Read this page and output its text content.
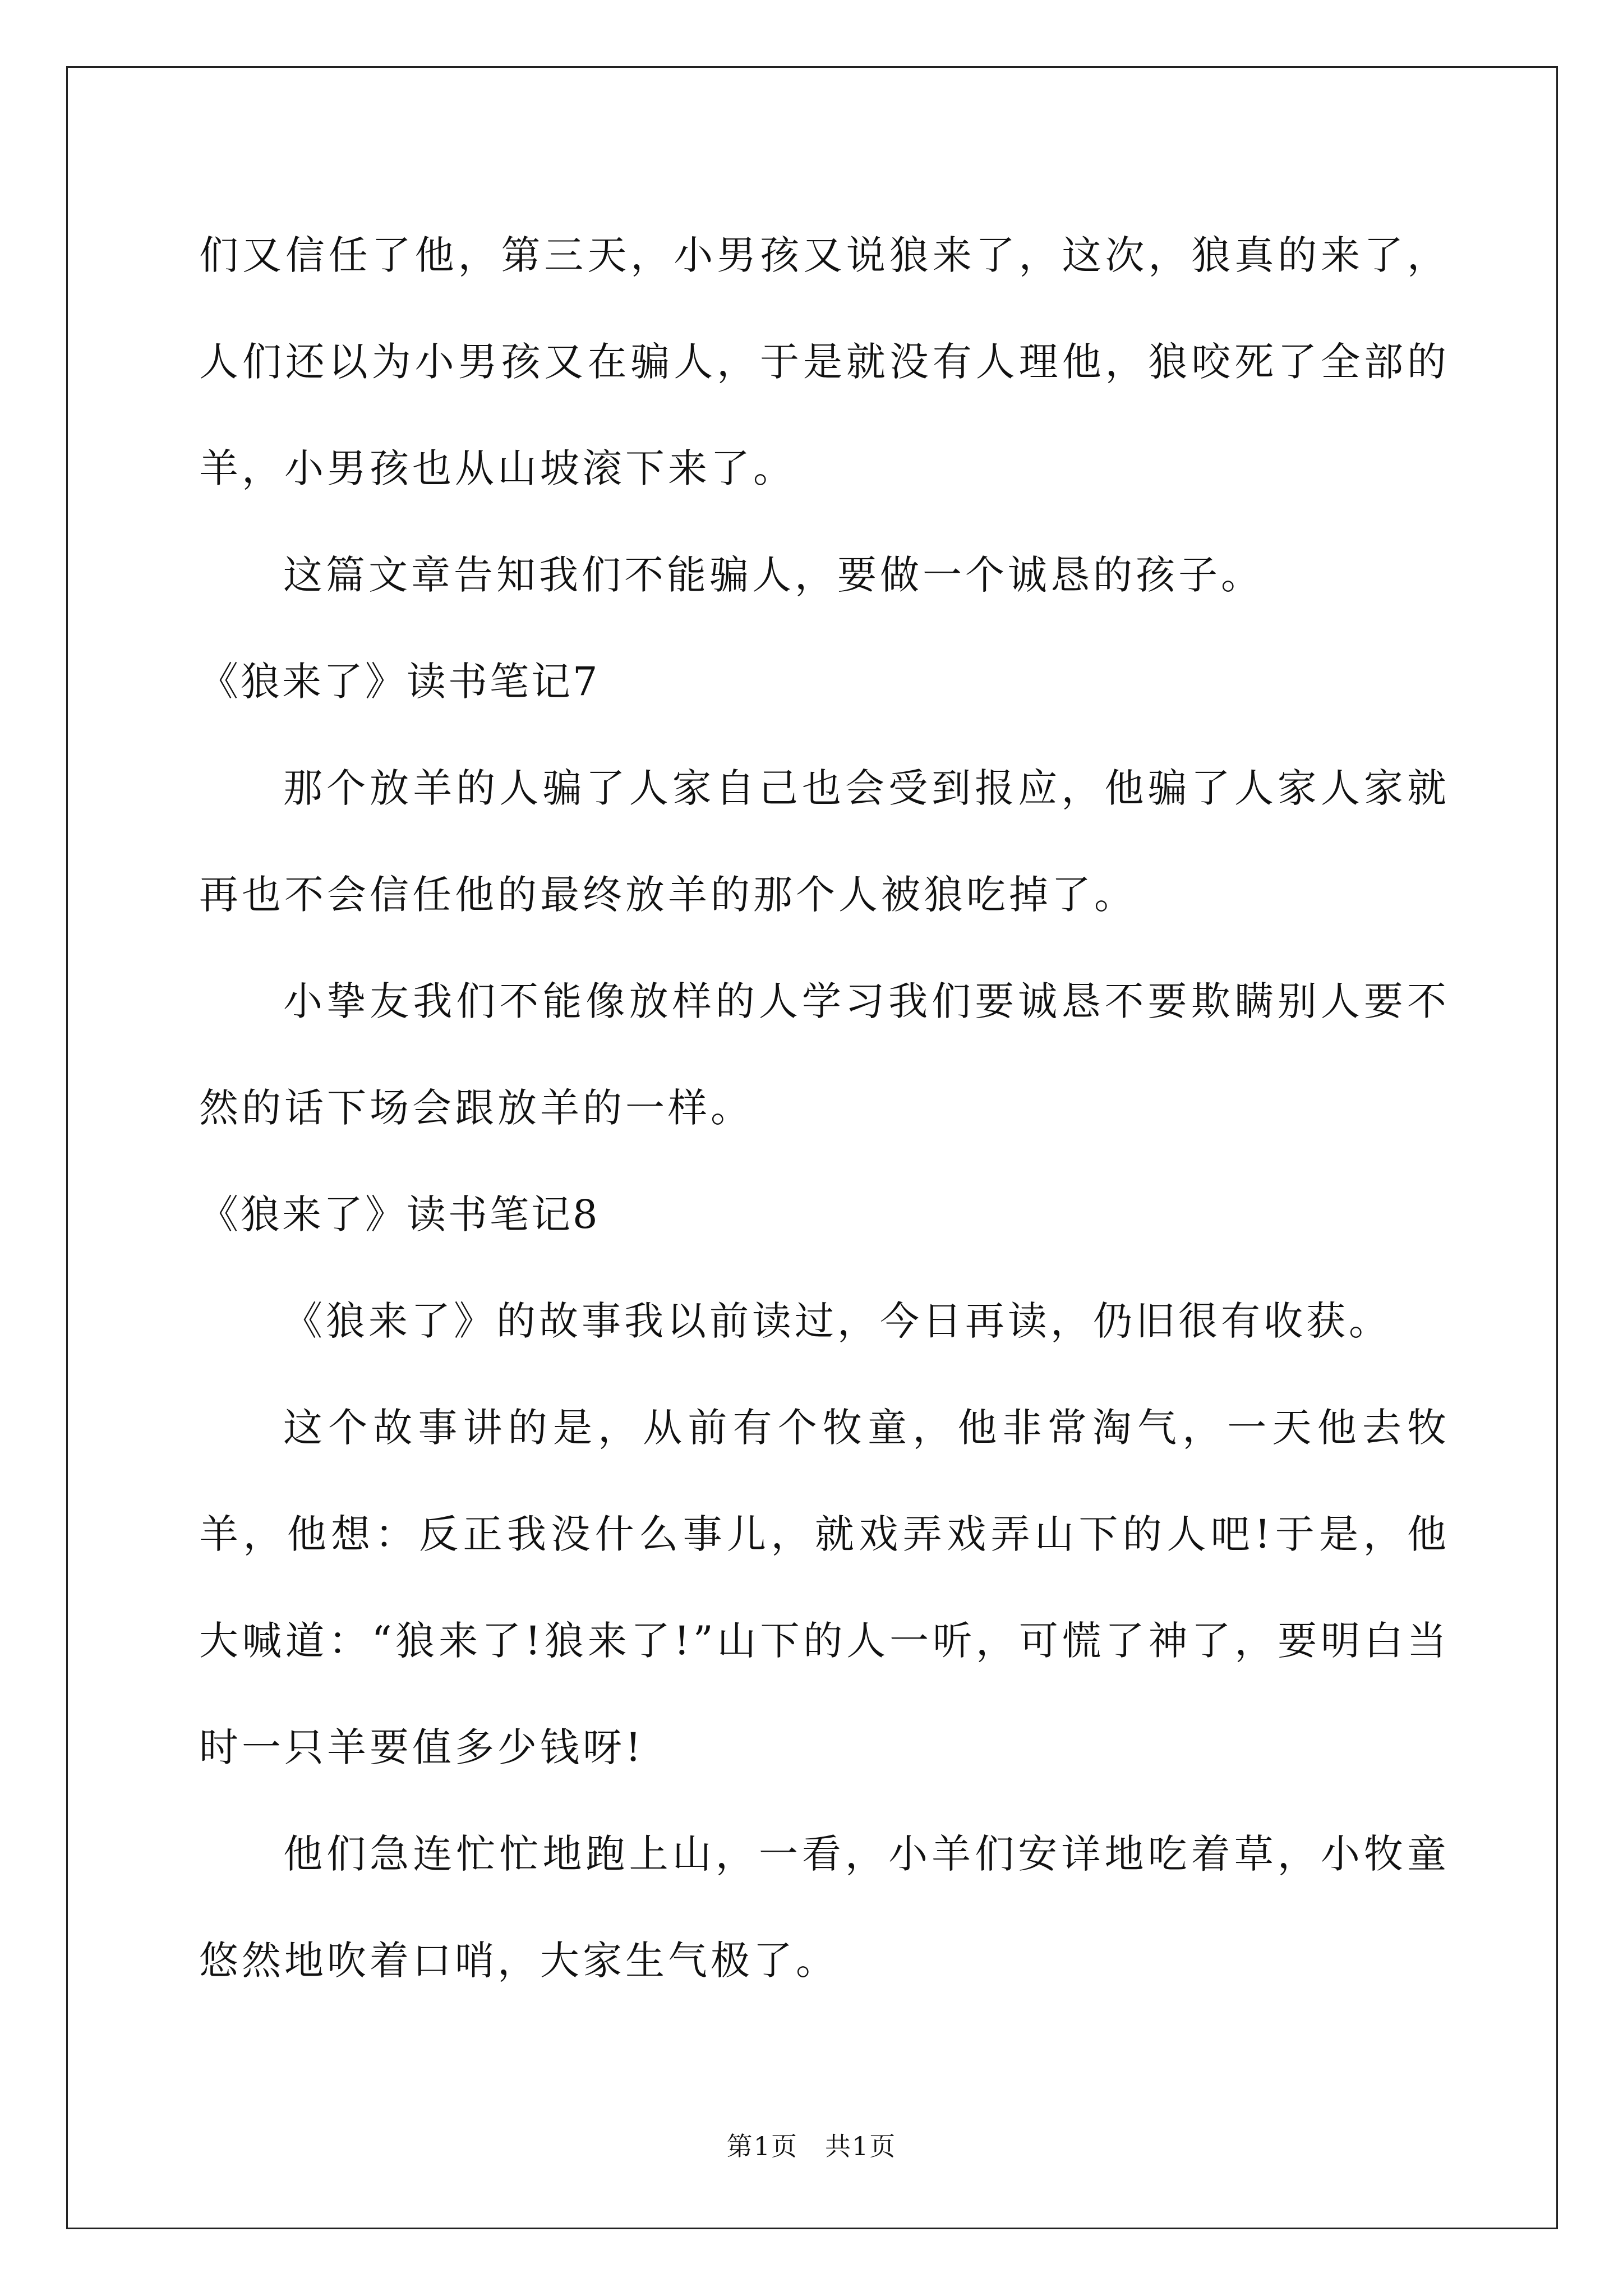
们又信任了他，第三天，小男孩又说狼来了，这次，狼真的来了，人们还以为小男孩又在骗人，于是就没有人理他，狼咬死了全部的羊，小男孩也从山坡滚下来了。

这篇文章告知我们不能骗人，要做一个诚恳的孩子。

《狼来了》读书笔记7

那个放羊的人骗了人家自己也会受到报应，他骗了人家人家就再也不会信任他的最终放羊的那个人被狼吃掉了。

小挚友我们不能像放样的人学习我们要诚恳不要欺瞒别人要不然的话下场会跟放羊的一样。

《狼来了》读书笔记8

《狼来了》的故事我以前读过，今日再读，仍旧很有收获。

这个故事讲的是，从前有个牧童，他非常淘气，一天他去牧羊，他想：反正我没什么事儿，就戏弄戏弄山下的人吧!于是，他大喊道：“狼来了!狼来了!”山下的人一听，可慌了神了，要明白当时一只羊要值多少钱呀!

他们急连忙忙地跑上山，一看，小羊们安详地吃着草，小牧童悠然地吹着口哨，大家生气极了。

第1页 共1页
